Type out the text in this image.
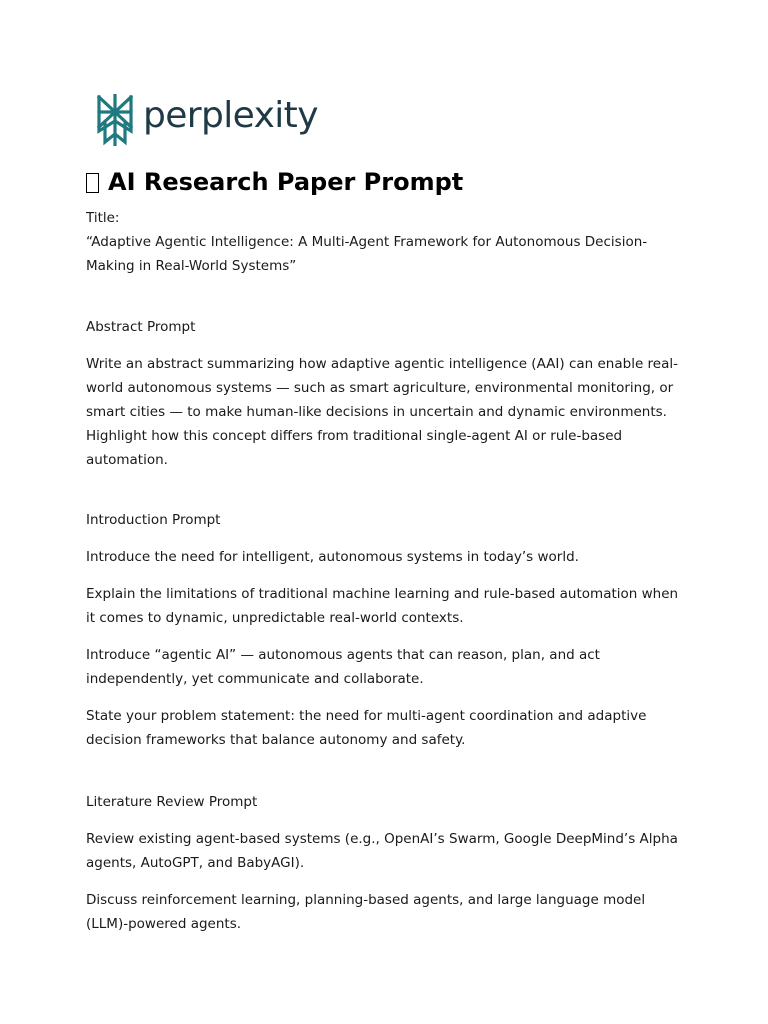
perplexity
AI Research Paper Prompt

Title:

“Adaptive Agentic Intelligence: A Multi-Agent Framework for Autonomous Decision-Making in Real-World Systems”

Abstract Prompt

Write an abstract summarizing how adaptive agentic intelligence (AAI) can enable real-world autonomous systems — such as smart agriculture, environmental monitoring, or smart cities — to make human-like decisions in uncertain and dynamic environments. Highlight how this concept differs from traditional single-agent AI or rule-based automation.

Introduction Prompt

Introduce the need for intelligent, autonomous systems in today’s world.

Explain the limitations of traditional machine learning and rule-based automation when it comes to dynamic, unpredictable real-world contexts.

Introduce “agentic AI” — autonomous agents that can reason, plan, and act independently, yet communicate and collaborate.

State your problem statement: the need for multi-agent coordination and adaptive decision frameworks that balance autonomy and safety.

Literature Review Prompt

Review existing agent-based systems (e.g., OpenAI’s Swarm, Google DeepMind’s Alpha agents, AutoGPT, and BabyAGI).

Discuss reinforcement learning, planning-based agents, and large language model (LLM)-powered agents.
